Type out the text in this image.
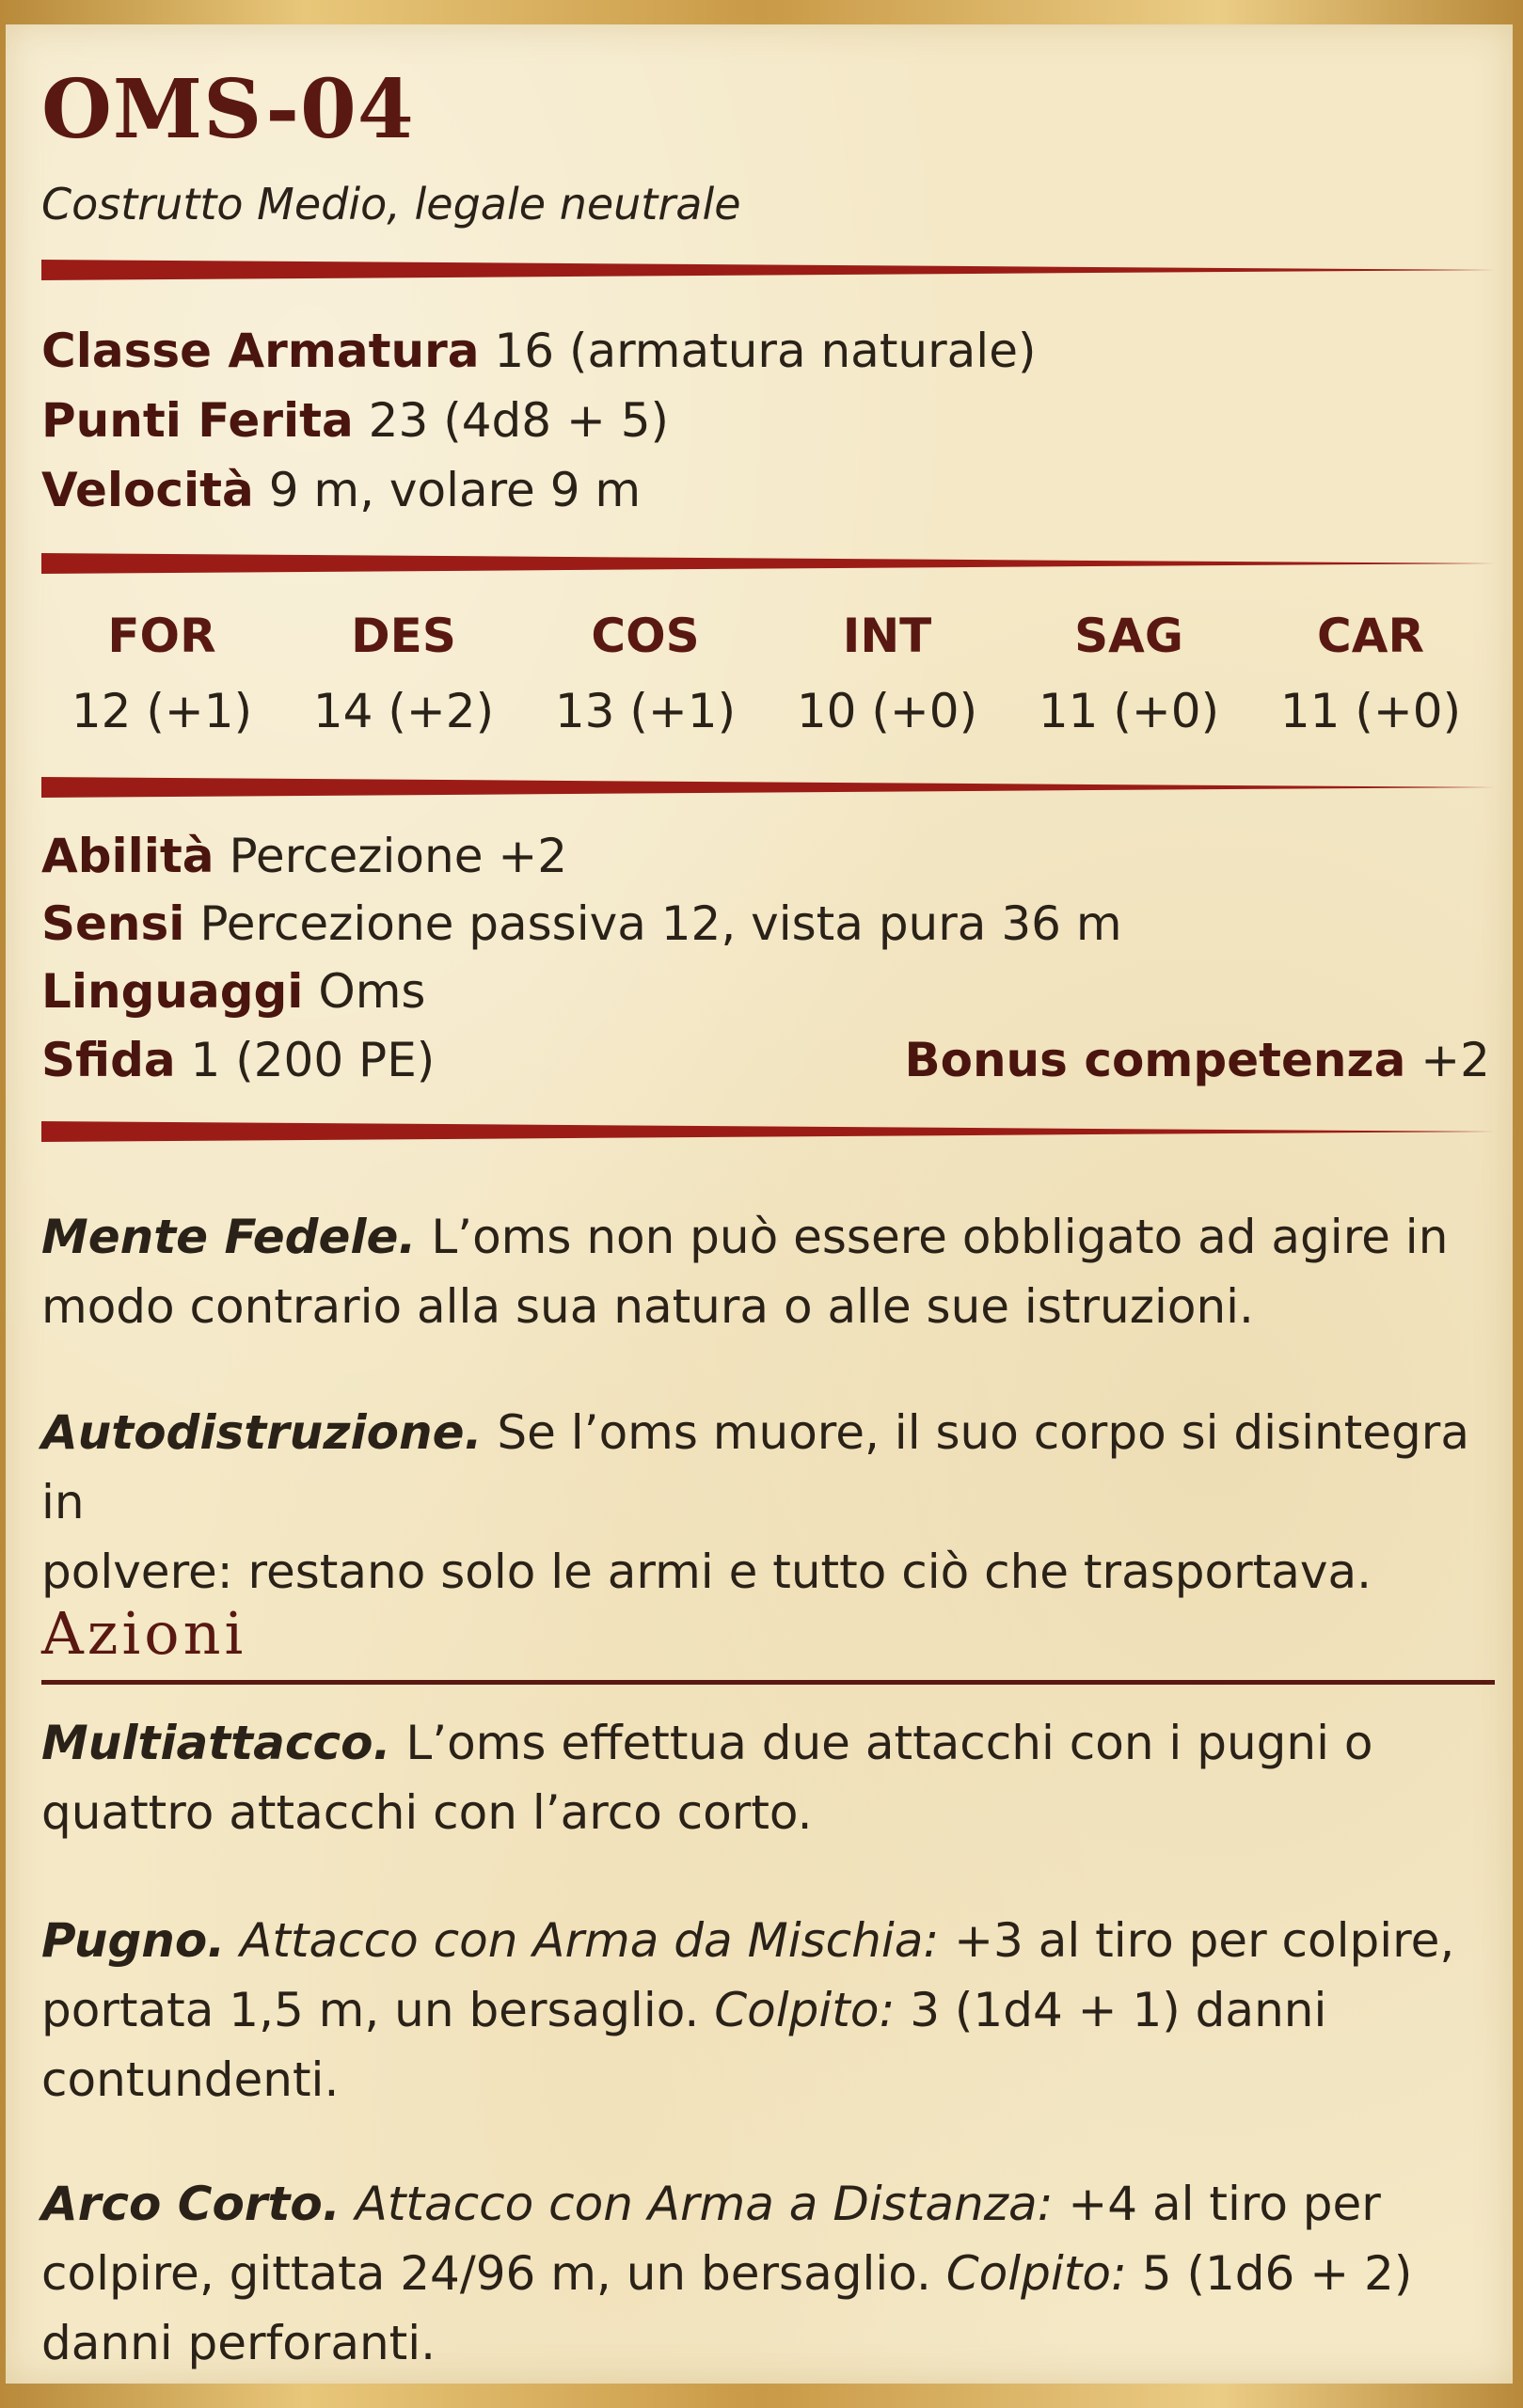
OMS-04
Costrutto Medio, legale neutrale
Classe Armatura 16 (armatura naturale)
Punti Ferita 23 (4d8 + 5)
Velocità 9 m, volare 9 m
FOR
12 (+1)
DES
14 (+2)
COS
13 (+1)
INT
10 (+0)
SAG
11 (+0)
CAR
11 (+0)
Abilità Percezione +2
Sensi Percezione passiva 12, vista pura 36 m
Linguaggi Oms
Sfida 1 (200 PE)	Bonus competenza +2
Mente Fedele. L’oms non può essere obbligato ad agire in
modo contrario alla sua natura o alle sue istruzioni.
Autodistruzione. Se l’oms muore, il suo corpo si disintegra in
polvere: restano solo le armi e tutto ciò che trasportava.
Azioni
Multiattacco. L’oms effettua due attacchi con i pugni o
quattro attacchi con l’arco corto.
Pugno. Attacco con Arma da Mischia: +3 al tiro per colpire,
portata 1,5 m, un bersaglio. Colpito: 3 (1d4 + 1) danni
contundenti.
Arco Corto. Attacco con Arma a Distanza: +4 al tiro per
colpire, gittata 24/96 m, un bersaglio. Colpito: 5 (1d6 + 2)
danni perforanti.
